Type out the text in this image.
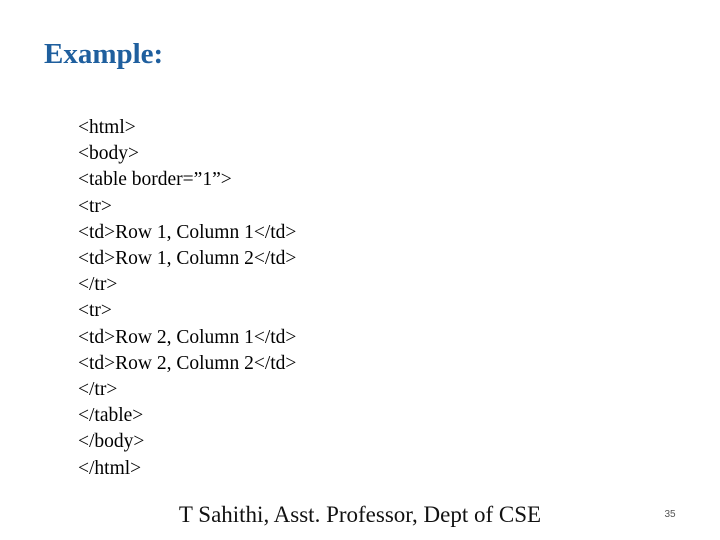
Example:
<html>
<body>
<table border=”1”>
<tr>
<td>Row 1, Column 1</td>
<td>Row 1, Column 2</td>
</tr>
<tr>
<td>Row 2, Column 1</td>
<td>Row 2, Column 2</td>
</tr>
</table>
</body>
</html>
T Sahithi, Asst. Professor, Dept of CSE	35
